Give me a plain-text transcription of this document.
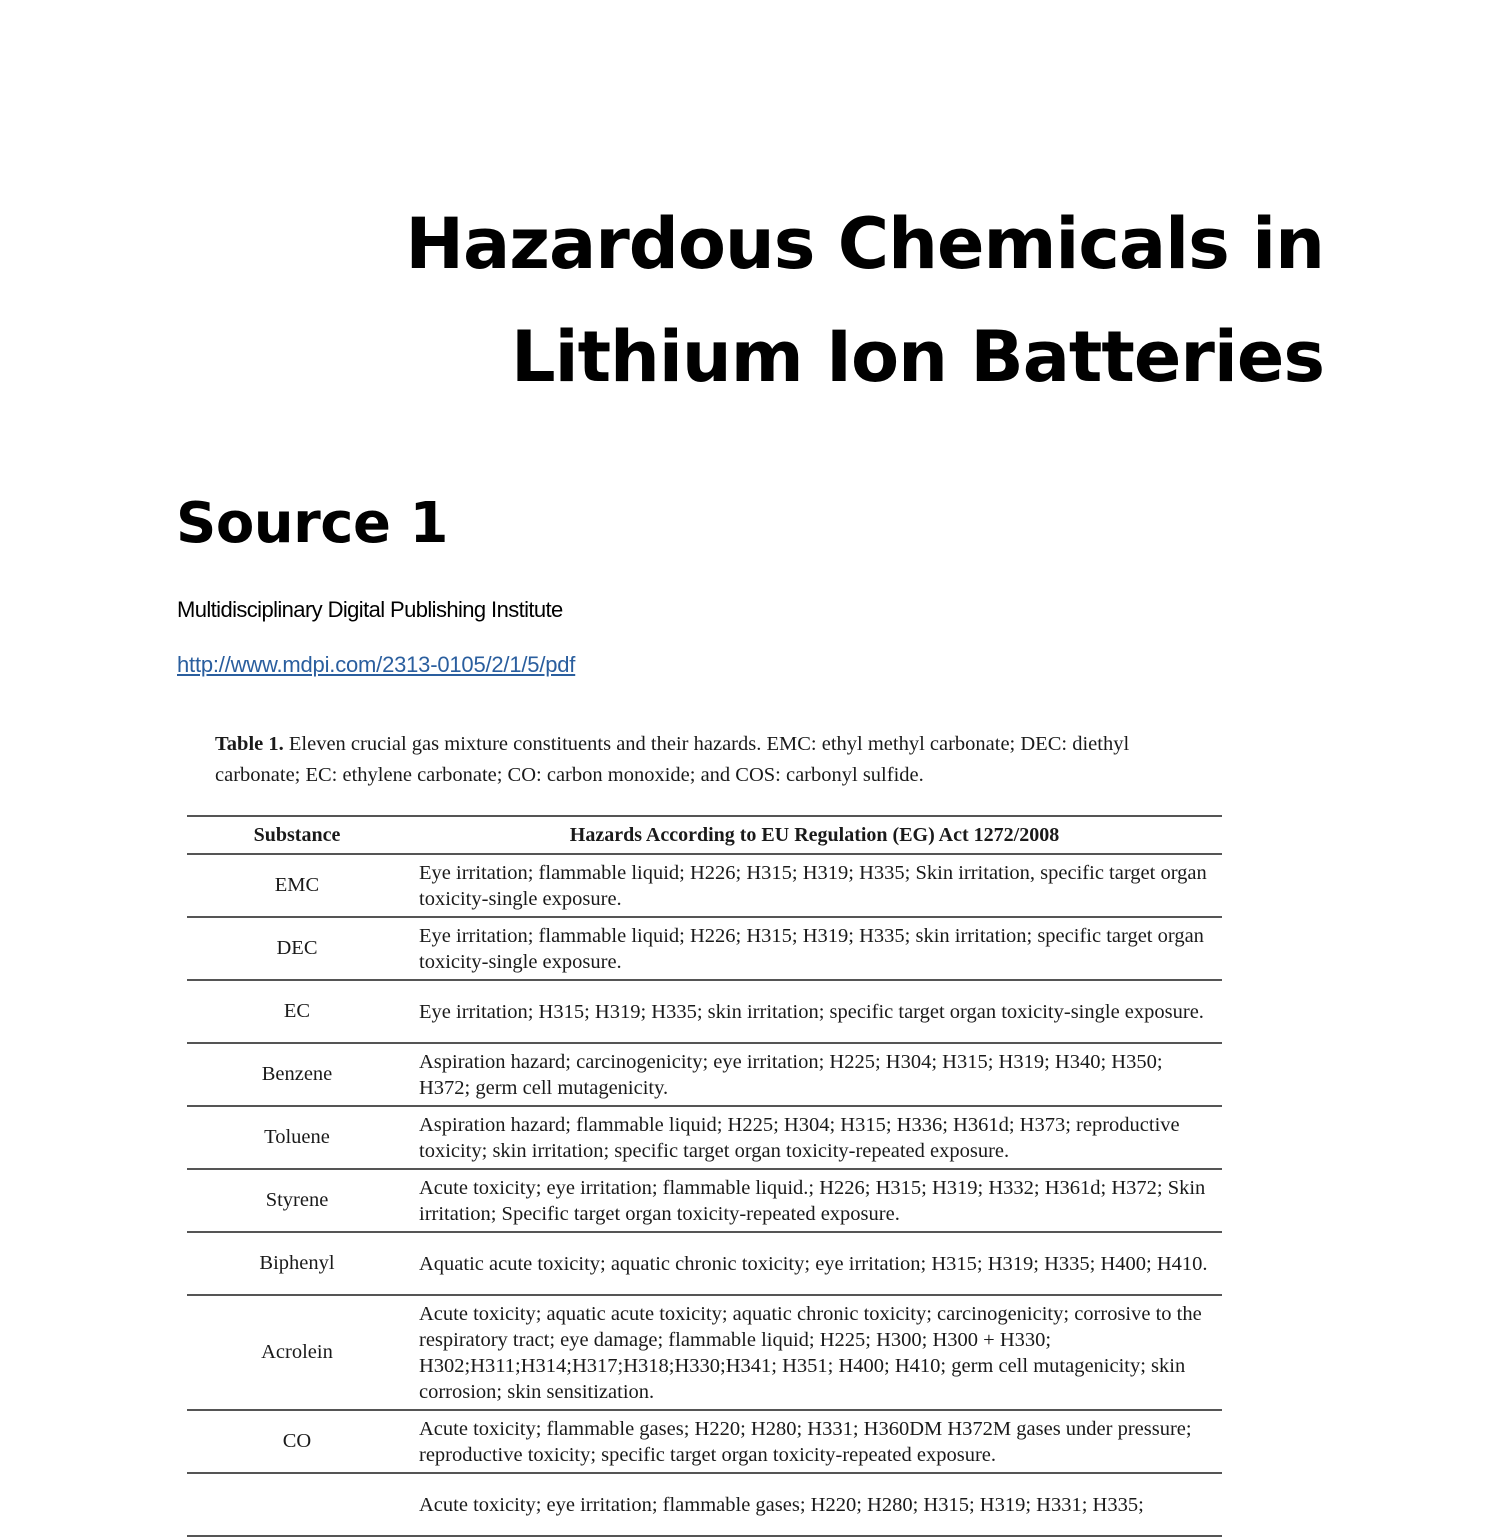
Hazardous Chemicals in
Lithium Ion Batteries
Source 1
Multidisciplinary Digital Publishing Institute
http://www.mdpi.com/2313-0105/2/1/5/pdf

Table 1. Eleven crucial gas mixture constituents and their hazards. EMC: ethyl methyl carbonate; DEC: diethyl carbonate; EC: ethylene carbonate; CO: carbon monoxide; and COS: carbonyl sulfide.

Substance	Hazards According to EU Regulation (EG) Act 1272/2008
EMC	Eye irritation; flammable liquid; H226; H315; H319; H335; Skin irritation, specific target organ toxicity-single exposure.
DEC	Eye irritation; flammable liquid; H226; H315; H319; H335; skin irritation; specific target organ toxicity-single exposure.
EC	Eye irritation; H315; H319; H335; skin irritation; specific target organ toxicity-single exposure.
Benzene	Aspiration hazard; carcinogenicity; eye irritation; H225; H304; H315; H319; H340; H350; H372; germ cell mutagenicity.
Toluene	Aspiration hazard; flammable liquid; H225; H304; H315; H336; H361d; H373; reproductive toxicity; skin irritation; specific target organ toxicity-repeated exposure.
Styrene	Acute toxicity; eye irritation; flammable liquid.; H226; H315; H319; H332; H361d; H372; Skin irritation; Specific target organ toxicity-repeated exposure.
Biphenyl	Aquatic acute toxicity; aquatic chronic toxicity; eye irritation; H315; H319; H335; H400; H410.
Acrolein	Acute toxicity; aquatic acute toxicity; aquatic chronic toxicity; carcinogenicity; corrosive to the respiratory tract; eye damage; flammable liquid; H225; H300; H300 + H330; H302;H311;H314;H317;H318;H330;H341; H351; H400; H410; germ cell mutagenicity; skin corrosion; skin sensitization.
CO	Acute toxicity; flammable gases; H220; H280; H331; H360DM H372M gases under pressure; reproductive toxicity; specific target organ toxicity-repeated exposure.
	Acute toxicity; eye irritation; flammable gases; H220; H280; H315; H319; H331; H335;
